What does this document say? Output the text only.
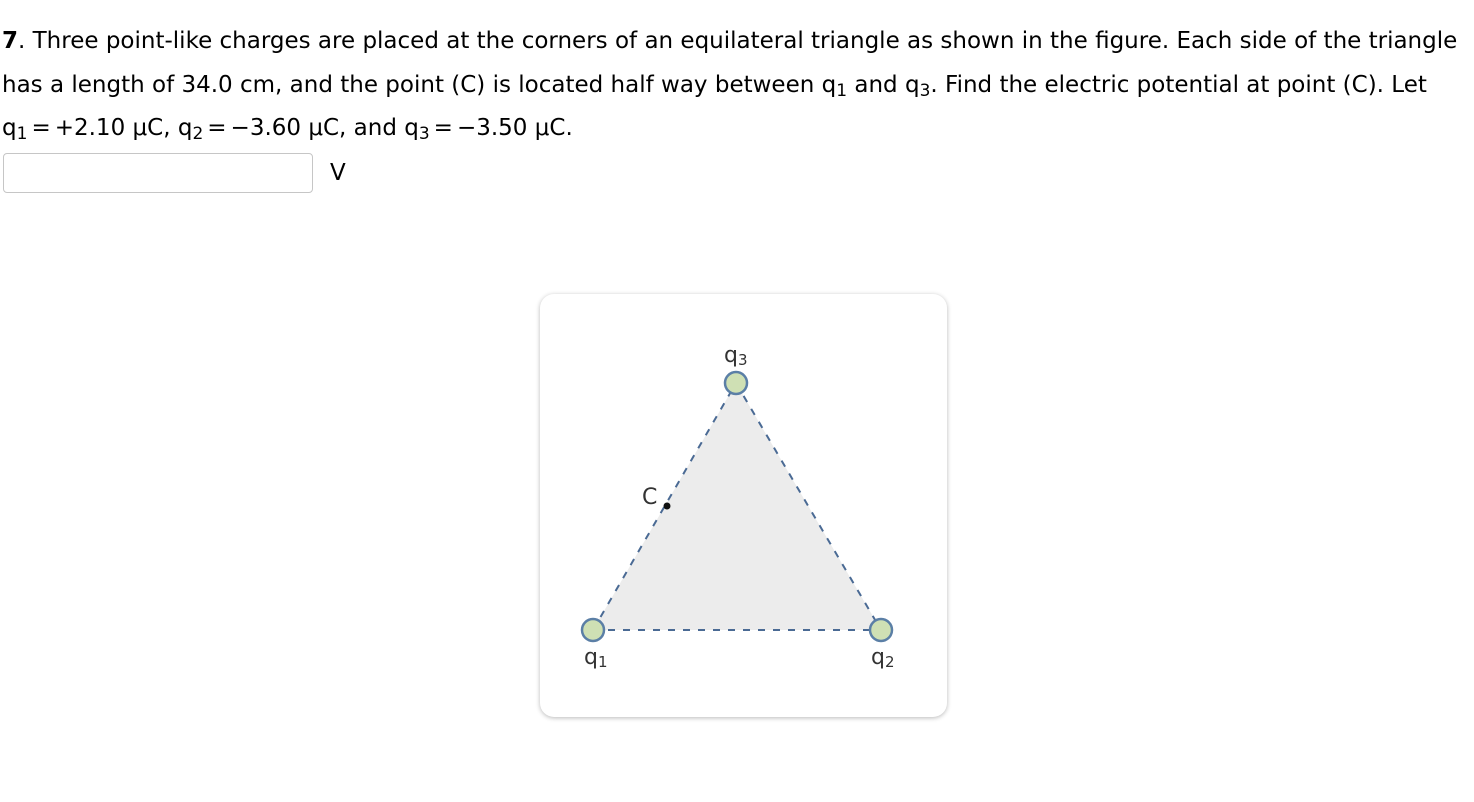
7. Three point-like charges are placed at the corners of an equilateral triangle as shown in the figure. Each side of the triangle has a length of 34.0 cm, and the point (C) is located half way between $q_1$ and $q_3$. Find the electric potential at point (C). Let $q_1 = +2.10$ μC, $q_2 = -3.60$ μC, and $q_3 = -3.50$ μC.
V
q3
q1	q2
C
